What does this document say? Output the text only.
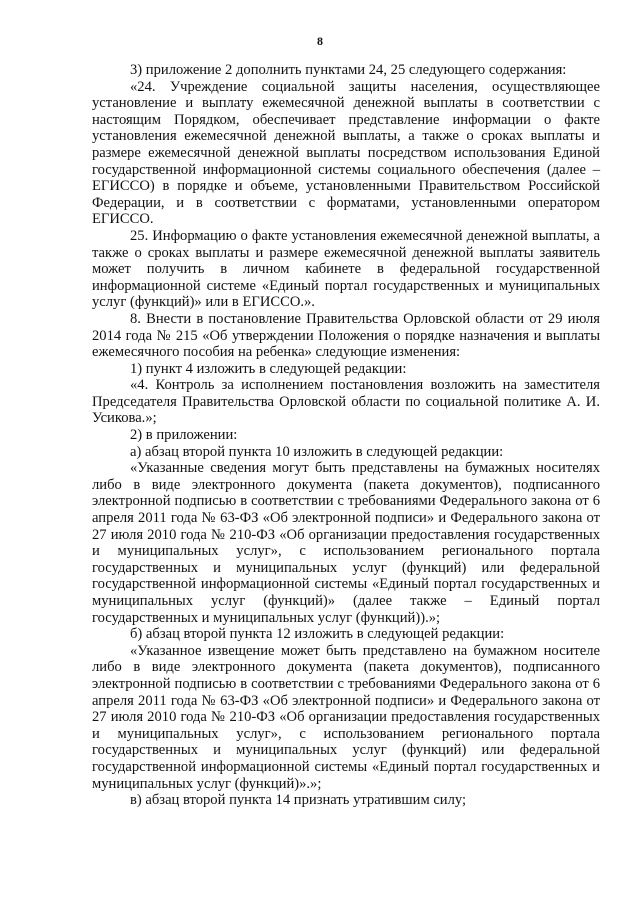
8

3) приложение 2 дополнить пунктами 24, 25 следующего содержания:

«24. Учреждение социальной защиты населения, осуществляющее установление и выплату ежемесячной денежной выплаты в соответствии с настоящим Порядком, обеспечивает представление информации о факте установления ежемесячной денежной выплаты, а также о сроках выплаты и размере ежемесячной денежной выплаты посредством использования Единой государственной информационной системы социального обеспечения (далее – ЕГИССО) в порядке и объеме, установленными Правительством Российской Федерации, и в соответствии с форматами, установленными оператором ЕГИССО.

25. Информацию о факте установления ежемесячной денежной выплаты, а также о сроках выплаты и размере ежемесячной денежной выплаты заявитель может получить в личном кабинете в федеральной государственной информационной системе «Единый портал государственных и муниципальных услуг (функций)» или в ЕГИССО.».

8. Внести в постановление Правительства Орловской области от 29 июля 2014 года № 215 «Об утверждении Положения о порядке назначения и выплаты ежемесячного пособия на ребенка» следующие изменения:

1) пункт 4 изложить в следующей редакции:

«4. Контроль за исполнением постановления возложить на заместителя Председателя Правительства Орловской области по социальной политике А. И. Усикова.»;

2) в приложении:

а) абзац второй пункта 10 изложить в следующей редакции:

«Указанные сведения могут быть представлены на бумажных носителях либо в виде электронного документа (пакета документов), подписанного электронной подписью в соответствии с требованиями Федерального закона от 6 апреля 2011 года № 63-ФЗ «Об электронной подписи» и Федерального закона от 27 июля 2010 года № 210-ФЗ «Об организации предоставления государственных и муниципальных услуг», с использованием регионального портала государственных и муниципальных услуг (функций) или федеральной государственной информационной системы «Единый портал государственных и муниципальных услуг (функций)» (далее также – Единый портал государственных и муниципальных услуг (функций)).»;

б) абзац второй пункта 12 изложить в следующей редакции:

«Указанное извещение может быть представлено на бумажном носителе либо в виде электронного документа (пакета документов), подписанного электронной подписью в соответствии с требованиями Федерального закона от 6 апреля 2011 года № 63-ФЗ «Об электронной подписи» и Федерального закона от 27 июля 2010 года № 210-ФЗ «Об организации предоставления государственных и муниципальных услуг», с использованием регионального портала государственных и муниципальных услуг (функций) или федеральной государственной информационной системы «Единый портал государственных и муниципальных услуг (функций)».»;

в) абзац второй пункта 14 признать утратившим силу;
